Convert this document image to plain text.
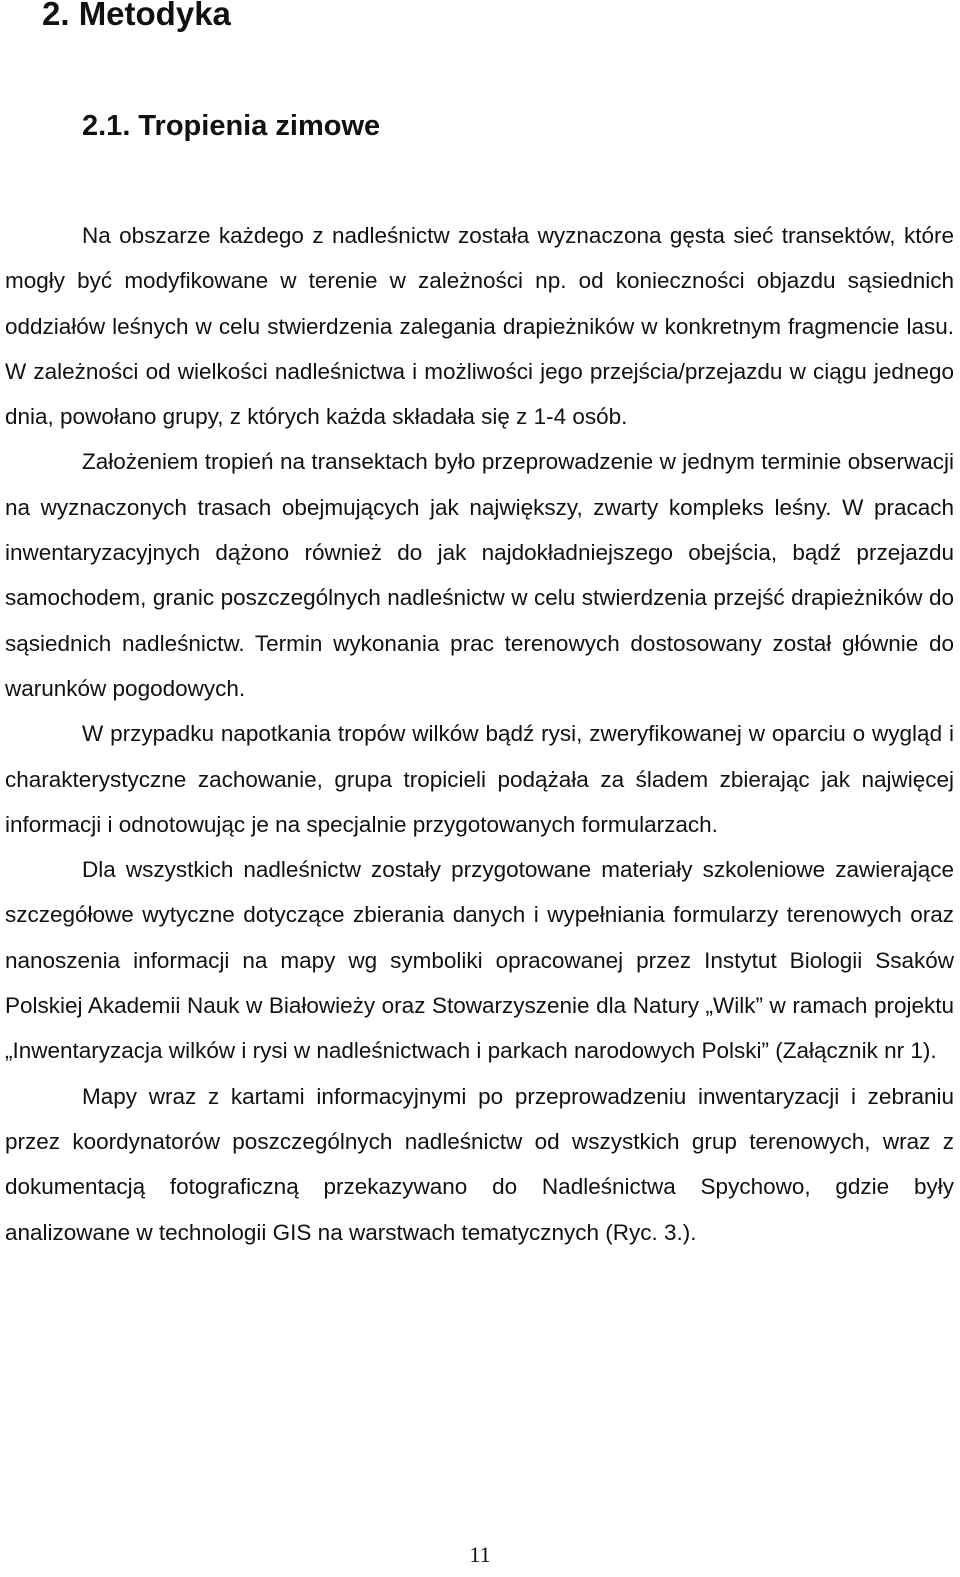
2. Metodyka
2.1. Tropienia zimowe

Na obszarze każdego z nadleśnictw została wyznaczona gęsta sieć transektów, które mogły być modyfikowane w terenie w zależności np. od konieczności objazdu sąsiednich oddziałów leśnych w celu stwierdzenia zalegania drapieżników w konkretnym fragmencie lasu. W zależności od wielkości nadleśnictwa i możliwości jego przejścia/przejazdu w ciągu jednego dnia, powołano grupy, z których każda składała się z 1-4 osób.

Założeniem tropień na transektach było przeprowadzenie w jednym terminie obserwacji na wyznaczonych trasach obejmujących jak największy, zwarty kompleks leśny. W pracach inwentaryzacyjnych dążono również do jak najdokładniejszego obejścia, bądź przejazdu samochodem, granic poszczególnych nadleśnictw w celu stwierdzenia przejść drapieżników do sąsiednich nadleśnictw. Termin wykonania prac terenowych dostosowany został głównie do warunków pogodowych.

W przypadku napotkania tropów wilków bądź rysi, zweryfikowanej w oparciu o wygląd i charakterystyczne zachowanie, grupa tropicieli podążała za śladem zbierając jak najwięcej informacji i odnotowując je na specjalnie przygotowanych formularzach.

Dla wszystkich nadleśnictw zostały przygotowane materiały szkoleniowe zawierające szczegółowe wytyczne dotyczące zbierania danych i wypełniania formularzy terenowych oraz nanoszenia informacji na mapy wg symboliki opracowanej przez Instytut Biologii Ssaków Polskiej Akademii Nauk w Białowieży oraz Stowarzyszenie dla Natury „Wilk” w ramach projektu „Inwentaryzacja wilków i rysi w nadleśnictwach i parkach narodowych Polski” (Załącznik nr 1).

Mapy wraz z kartami informacyjnymi po przeprowadzeniu inwentaryzacji i zebraniu przez koordynatorów poszczególnych nadleśnictw od wszystkich grup terenowych, wraz z dokumentacją fotograficzną przekazywano do Nadleśnictwa Spychowo, gdzie były analizowane w technologii GIS na warstwach tematycznych (Ryc. 3.).

11
